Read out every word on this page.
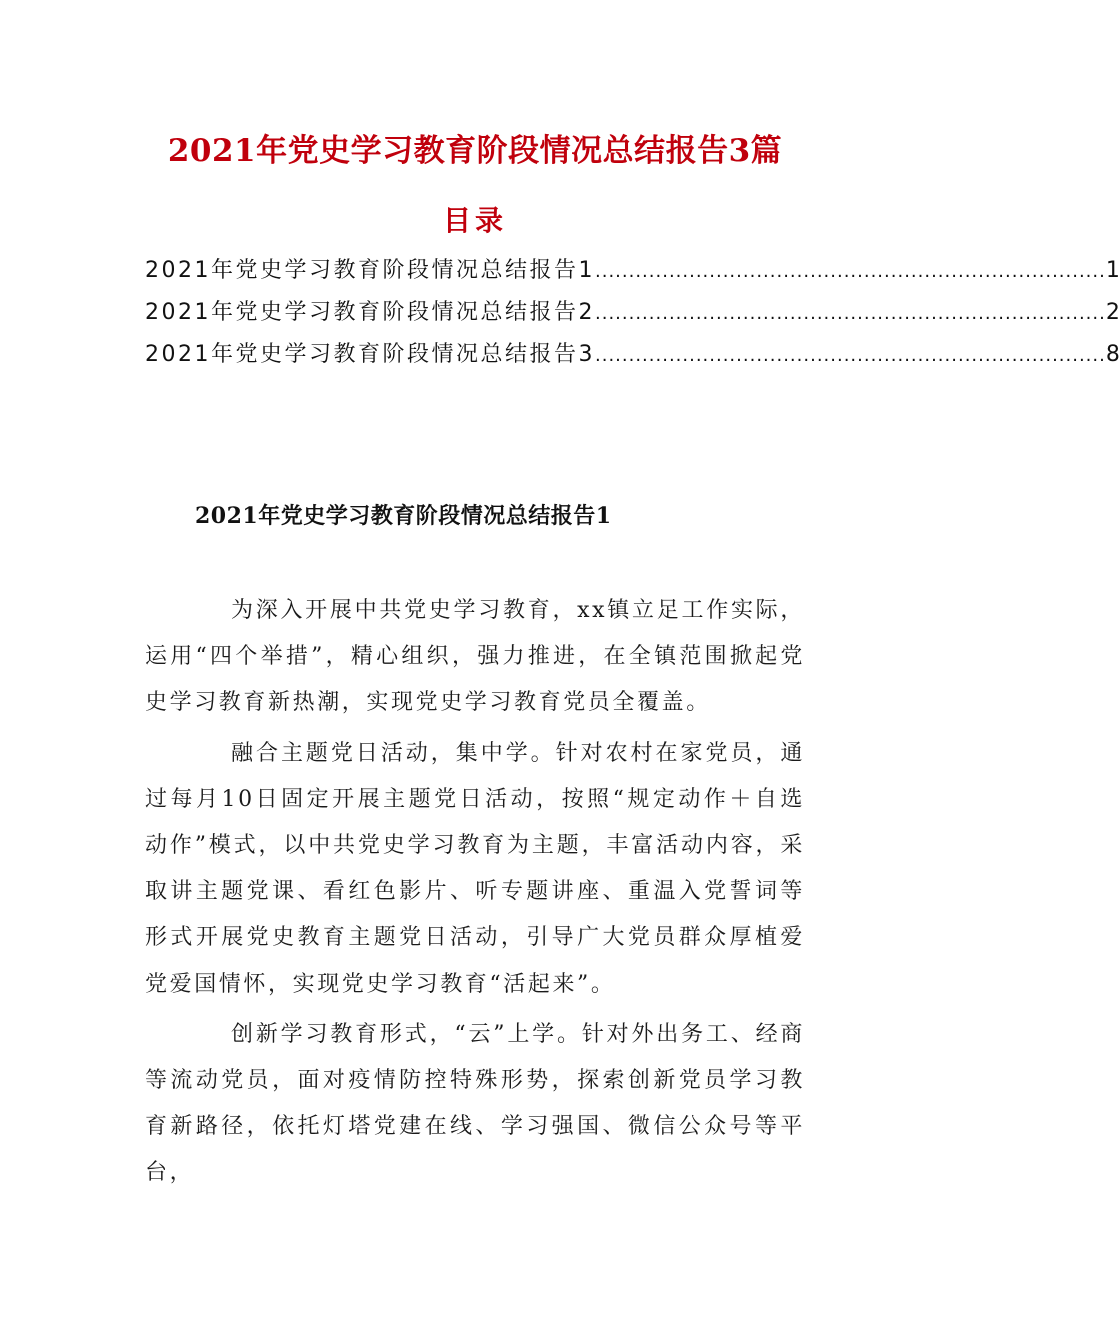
2021年党史学习教育阶段情况总结报告3篇
目录
2021年党史学习教育阶段情况总结报告1 ............................................................................ 1
2021年党史学习教育阶段情况总结报告2 ............................................................................ 2
2021年党史学习教育阶段情况总结报告3 ............................................................................ 8
2021年党史学习教育阶段情况总结报告1

为深入开展中共党史学习教育，xx镇立足工作实际，运用“四个举措”，精心组织，强力推进，在全镇范围掀起党史学习教育新热潮，实现党史学习教育党员全覆盖。

融合主题党日活动，集中学。针对农村在家党员，通过每月10日固定开展主题党日活动，按照“规定动作＋自选动作”模式，以中共党史学习教育为主题，丰富活动内容，采取讲主题党课、看红色影片、听专题讲座、重温入党誓词等形式开展党史教育主题党日活动，引导广大党员群众厚植爱党爱国情怀，实现党史学习教育“活起来”。

创新学习教育形式，“云”上学。针对外出务工、经商等流动党员，面对疫情防控特殊形势，探索创新党员学习教育新路径，依托灯塔党建在线、学习强国、微信公众号等平台，
